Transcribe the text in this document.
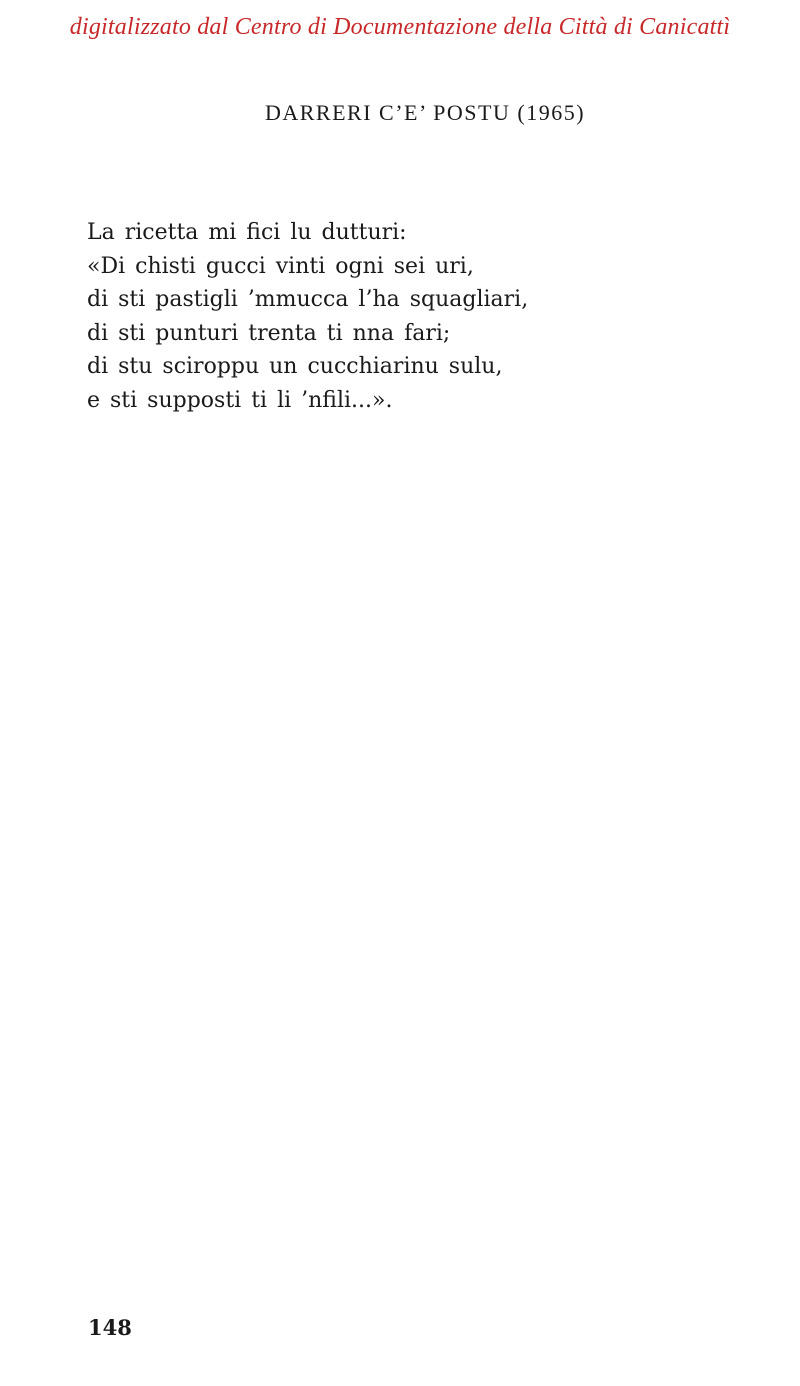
digitalizzato dal Centro di Documentazione della Città di Canicattì
DARRERI C’E’ POSTU (1965)
La ricetta mi fici lu dutturi:
«Di chisti gucci vinti ogni sei uri,
di sti pastigli ’mmucca l’ha squagliari,
di sti punturi trenta ti nna fari;
di stu sciroppu un cucchiarinu sulu,
e sti supposti ti li ’nfili...».
148
